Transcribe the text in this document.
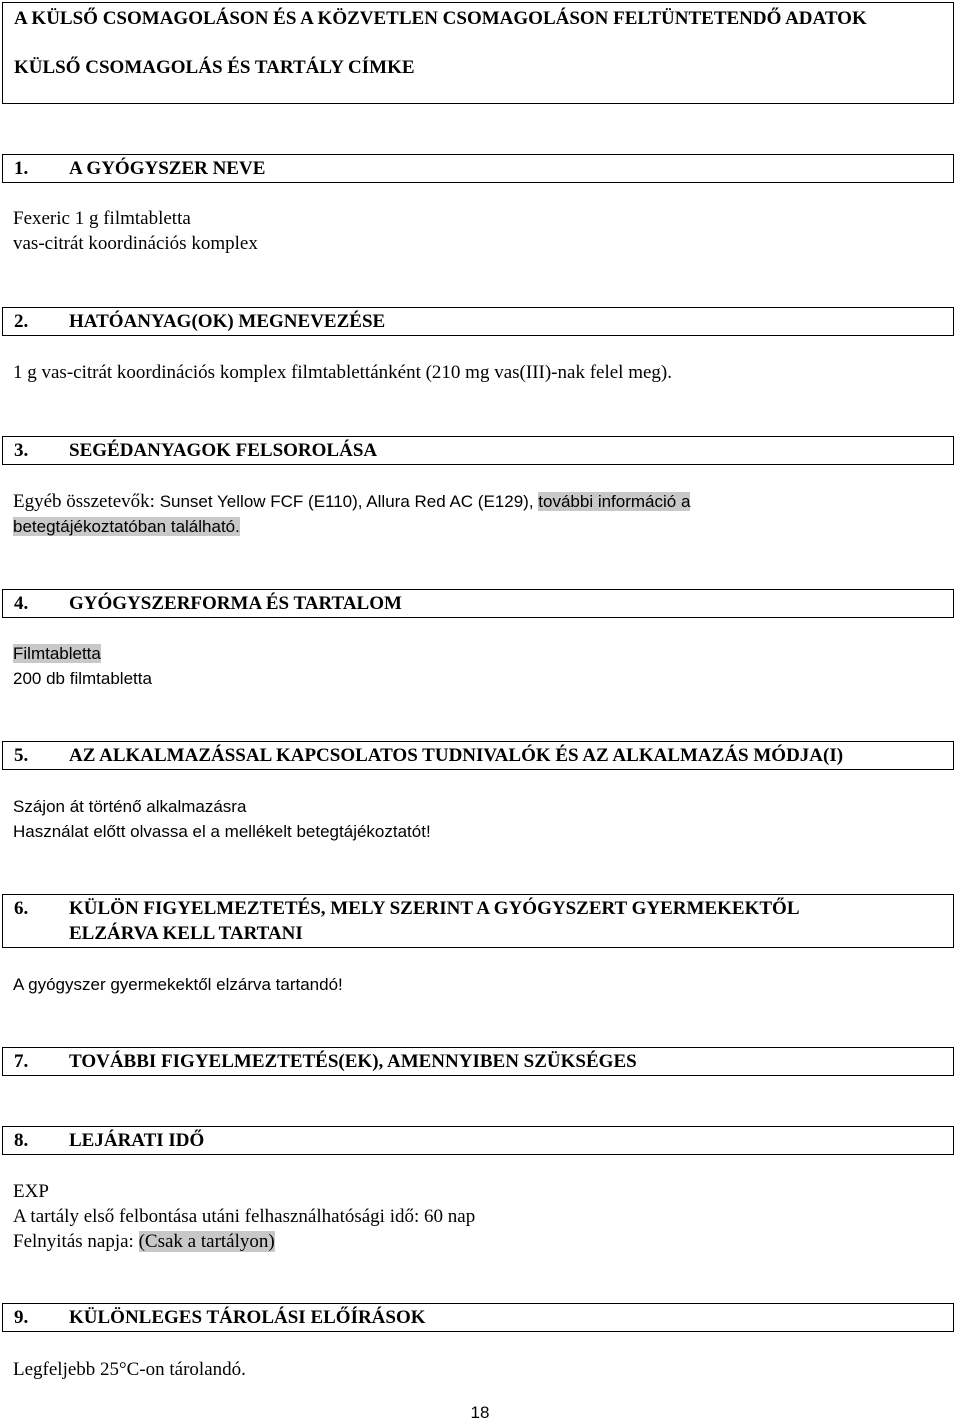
A KÜLSŐ CSOMAGOLÁSON ÉS A KÖZVETLEN CSOMAGOLÁSON FELTÜNTETENDŐ ADATOK
KÜLSŐ CSOMAGOLÁS ÉS TARTÁLY CÍMKE
1. A GYÓGYSZER NEVE
Fexeric 1 g filmtabletta
vas-citrát koordinációs komplex
2. HATÓANYAG(OK) MEGNEVEZÉSE
1 g vas-citrát koordinációs komplex filmtablettánként (210 mg vas(III)-nak felel meg).
3. SEGÉDANYAGOK FELSOROLÁSA
Egyéb összetevők: Sunset Yellow FCF (E110), Allura Red AC (E129), további információ a
betegtájékoztatóban található.
4. GYÓGYSZERFORMA ÉS TARTALOM
Filmtabletta
200 db filmtabletta
5. AZ ALKALMAZÁSSAL KAPCSOLATOS TUDNIVALÓK ÉS AZ ALKALMAZÁS MÓDJA(I)
Szájon át történő alkalmazásra
Használat előtt olvassa el a mellékelt betegtájékoztatót!
6. KÜLÖN FIGYELMEZTETÉS, MELY SZERINT A GYÓGYSZERT GYERMEKEKTŐL
ELZÁRVA KELL TARTANI
A gyógyszer gyermekektől elzárva tartandó!
7. TOVÁBBI FIGYELMEZTETÉS(EK), AMENNYIBEN SZÜKSÉGES
8. LEJÁRATI IDŐ
EXP
A tartály első felbontása utáni felhasználhatósági idő: 60 nap
Felnyitás napja: (Csak a tartályon)
9. KÜLÖNLEGES TÁROLÁSI ELŐÍRÁSOK
Legfeljebb 25°C-on tárolandó.
18
